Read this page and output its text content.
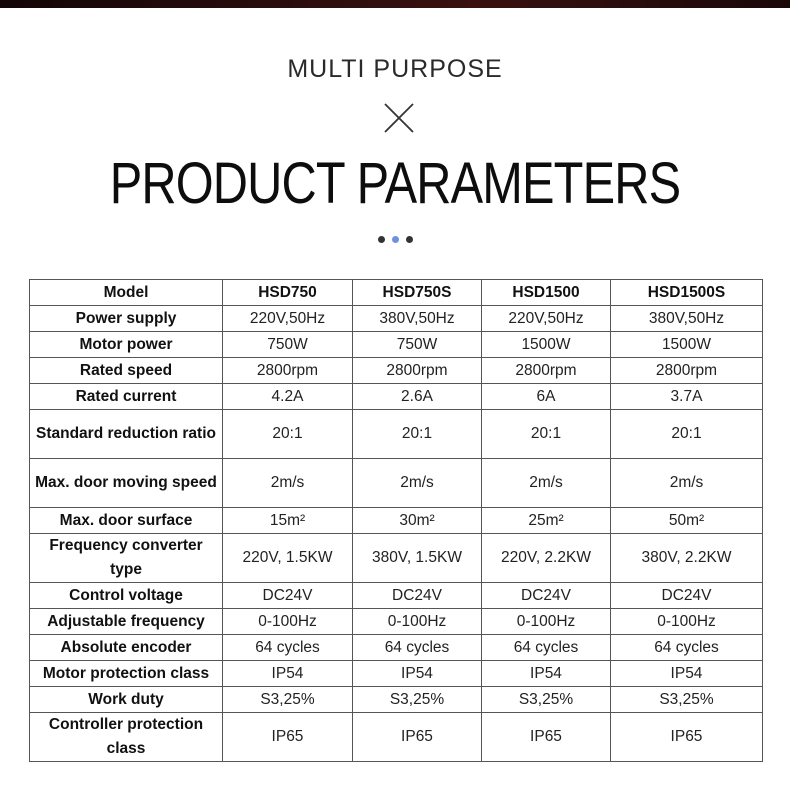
MULTI PURPOSE
PRODUCT PARAMETERS
Model	HSD750	HSD750S	HSD1500	HSD1500S
Power supply	220V,50Hz	380V,50Hz	220V,50Hz	380V,50Hz
Motor power	750W	750W	1500W	1500W
Rated speed	2800rpm	2800rpm	2800rpm	2800rpm
Rated current	4.2A	2.6A	6A	3.7A
Standard reduction ratio	20:1	20:1	20:1	20:1
Max. door moving speed	2m/s	2m/s	2m/s	2m/s
Max. door surface	15m²	30m²	25m²	50m²
Frequency converter type	220V, 1.5KW	380V, 1.5KW	220V, 2.2KW	380V, 2.2KW
Control voltage	DC24V	DC24V	DC24V	DC24V
Adjustable frequency	0-100Hz	0-100Hz	0-100Hz	0-100Hz
Absolute encoder	64 cycles	64 cycles	64 cycles	64 cycles
Motor protection class	IP54	IP54	IP54	IP54
Work duty	S3,25%	S3,25%	S3,25%	S3,25%
Controller protection class	IP65	IP65	IP65	IP65
